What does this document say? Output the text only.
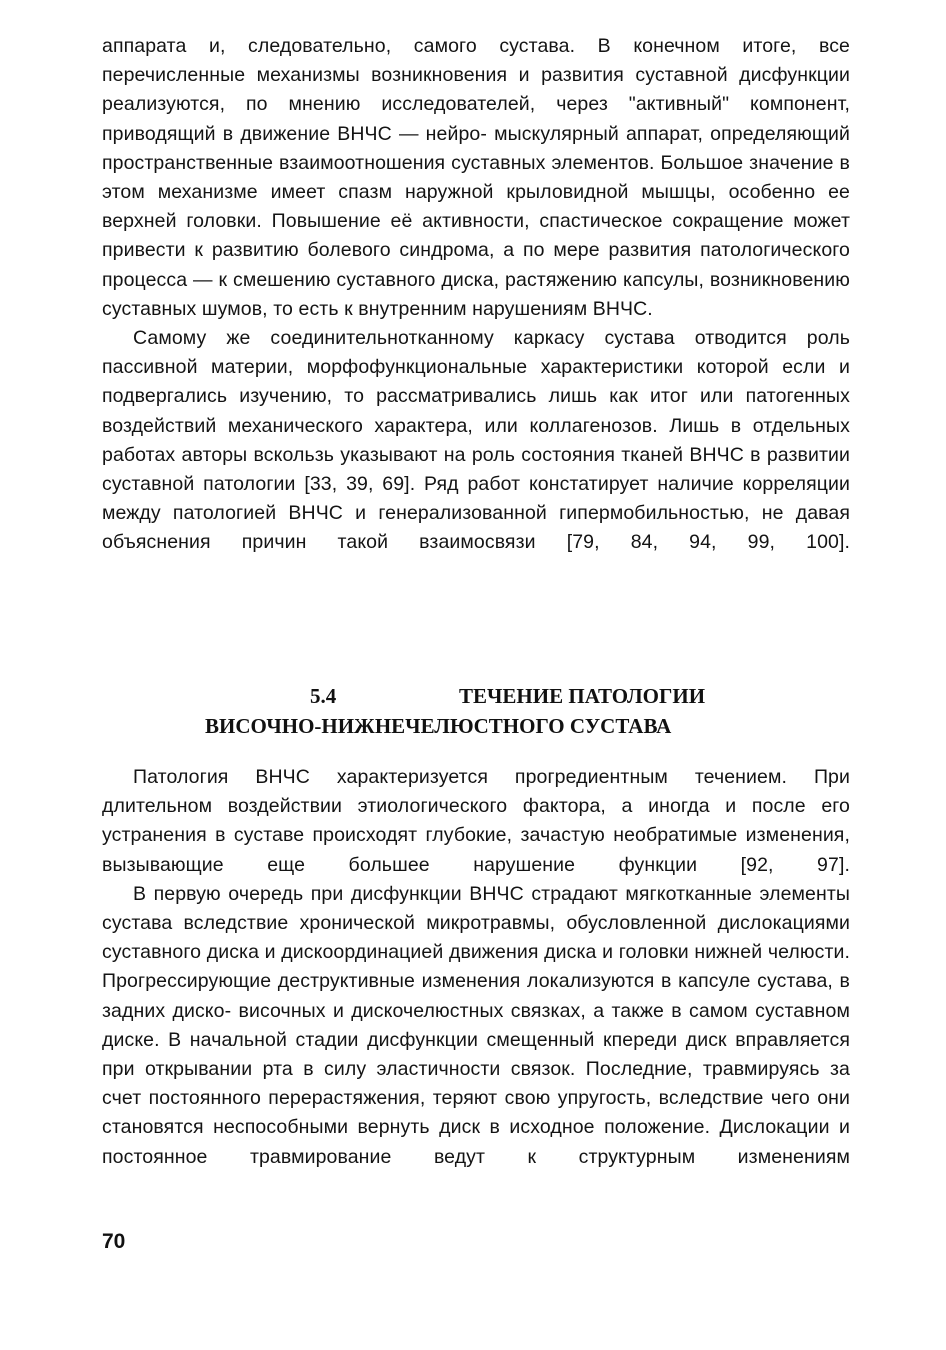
аппарата и, следовательно, самого сустава. В конечном итоге, все перечисленные механизмы возникновения и развития суставной дисфункции реализуются, по мнению исследователей, через "активный" компонент, приводящий в движение ВНЧС — нейро- мыскулярный аппарат, определяющий пространственные взаимоотношения суставных элементов. Большое значение в этом механизме имеет спазм наружной крыловидной мышцы, особенно ее верхней головки. Повышение её активности, спастическое сокращение может привести к развитию болевого синдрома, а по мере развития патологического процесса — к смешению суставного диска, растяжению капсулы, возникновению суставных шумов, то есть к внутренним нарушениям ВНЧС.

Самому же соединительнотканному каркасу сустава отводится роль пассивной материи, морфофункциональные характеристики которой если и подвергались изучению, то рассматривались лишь как итог или патогенных воздействий механического характера, или коллагенозов. Лишь в отдельных работах авторы вскользь указывают на роль состояния тканей ВНЧС в развитии суставной патологии [33, 39, 69]. Ряд работ констатирует наличие корреляции между патологией ВНЧС и генерализованной гипермобильностью, не давая объяснения причин такой взаимосвязи [79, 84, 94, 99, 100].

5.4	ТЕЧЕНИЕ ПАТОЛОГИИ
ВИСОЧНО-НИЖНЕЧЕЛЮСТНОГО СУСТАВА

Патология ВНЧС характеризуется прогредиентным течением. При длительном воздействии этиологического фактора, а иногда и после его устранения в суставе происходят глубокие, зачастую необратимые изменения, вызывающие еще большее нарушение функции [92, 97].

В первую очередь при дисфункции ВНЧС страдают мягкотканные элементы сустава вследствие хронической микротравмы, обусловленной дислокациями суставного диска и дискоординацией движения диска и головки нижней челюсти. Прогрессирующие деструктивные изменения локализуются в капсуле сустава, в задних диско- височных и дискочелюстных связках, а также в самом суставном диске. В начальной стадии дисфункции смещенный кпереди диск вправляется при открывании рта в силу эластичности связок. Последние, травмируясь за счет постоянного перерастяжения, теряют свою упругость, вследствие чего они становятся неспособными вернуть диск в исходное положение. Дислокации и постоянное травмирование ведут к структурным изменениям

70
